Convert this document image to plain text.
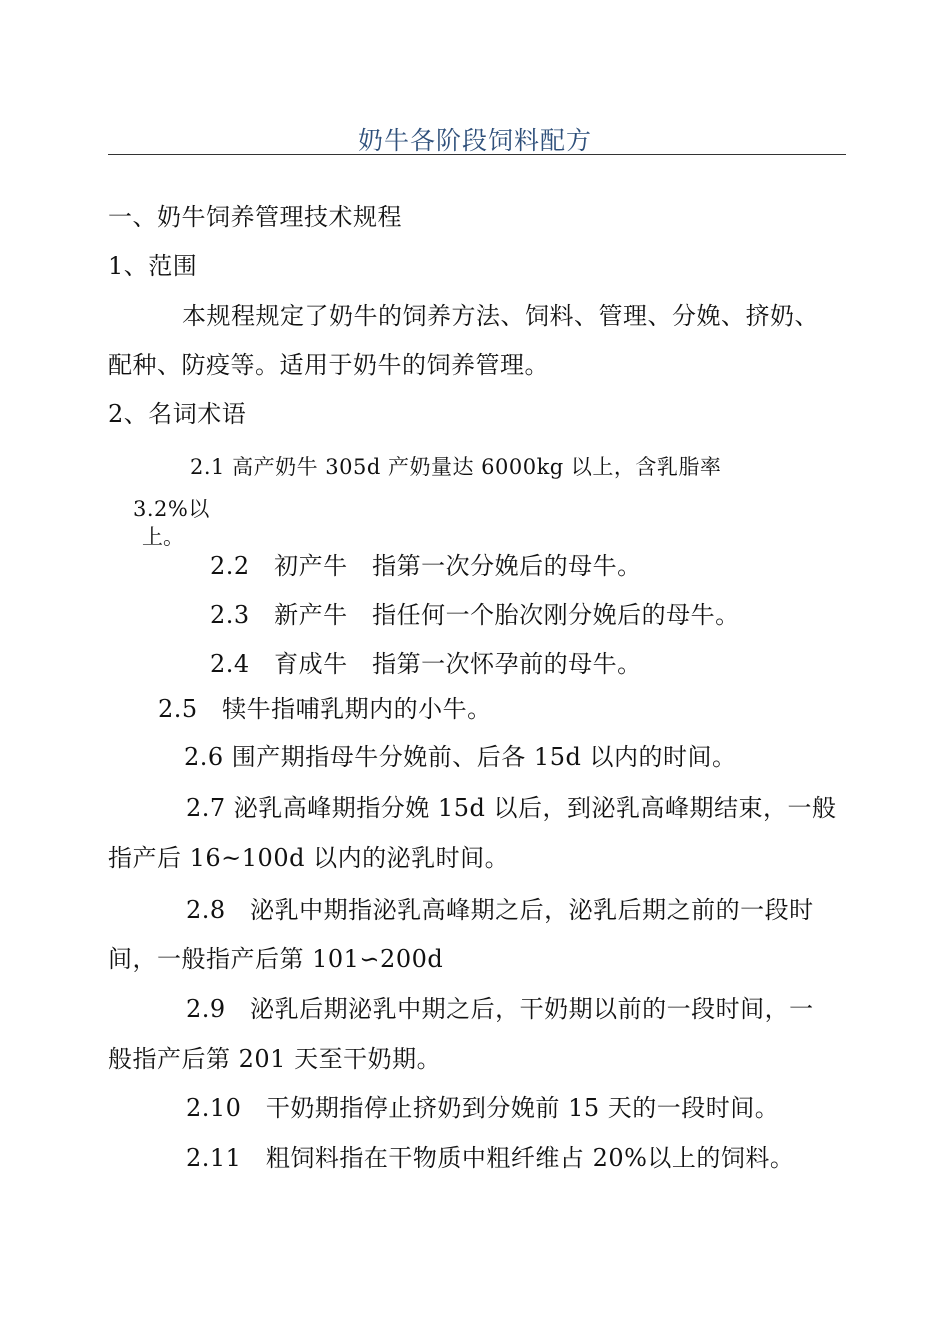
奶牛各阶段饲料配方
一、奶牛饲养管理技术规程
1、范围
本规程规定了奶牛的饲养方法、饲料、管理、分娩、挤奶、
配种、防疫等。适用于奶牛的饲养管理。
2、名词术语
2.1 高产奶牛 305d 产奶量达 6000kg 以上，含乳脂率
3.2%以
上。
2.2　初产牛　指第一次分娩后的母牛。
2.3　新产牛　指任何一个胎次刚分娩后的母牛。
2.4　育成牛　指第一次怀孕前的母牛。
2.5　犊牛指哺乳期内的小牛。
2.6 围产期指母牛分娩前、后各 15d 以内的时间。
2.7 泌乳高峰期指分娩 15d 以后，到泌乳高峰期结束，一般
指产后 16~100d 以内的泌乳时间。
2.8　泌乳中期指泌乳高峰期之后，泌乳后期之前的一段时
间，一般指产后第 101∽200d
2.9　泌乳后期泌乳中期之后，干奶期以前的一段时间，一
般指产后第 201 天至干奶期。
2.10　干奶期指停止挤奶到分娩前 15 天的一段时间。
2.11　粗饲料指在干物质中粗纤维占 20%以上的饲料。
